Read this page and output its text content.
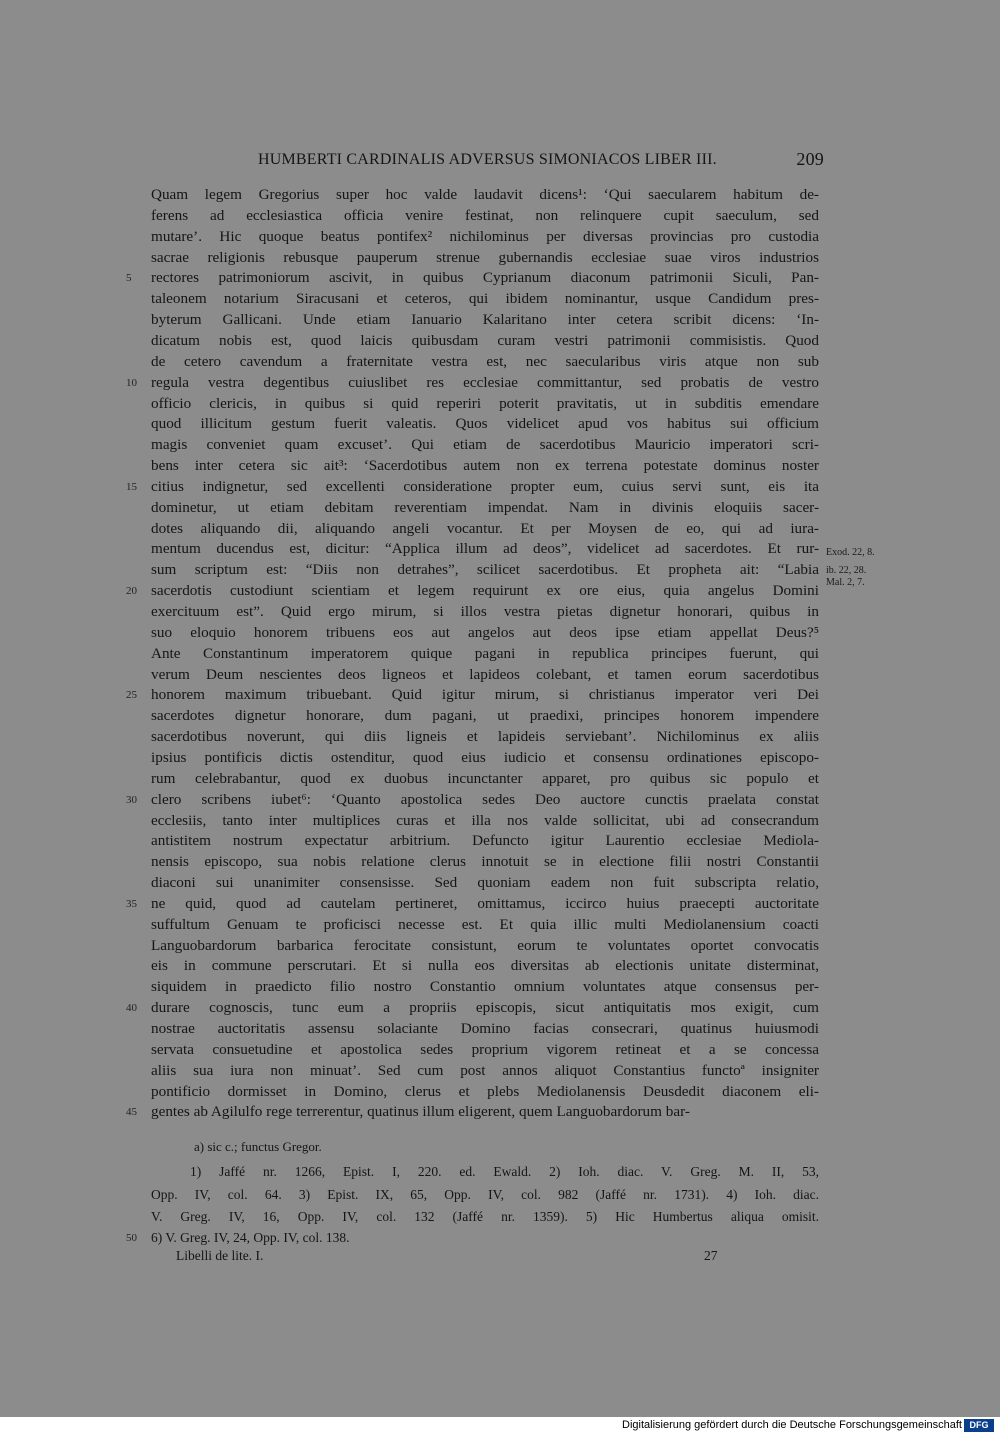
HUMBERTI CARDINALIS ADVERSUS SIMONIACOS LIBER III.	209
Quam legem Gregorius super hoc valde laudavit dicens¹: ‘Qui saecularem habitum de-
ferens ad ecclesiastica officia venire festinat, non relinquere cupit saeculum, sed
mutare’. Hic quoque beatus pontifex² nichilominus per diversas provincias pro custodia
sacrae religionis rebusque pauperum strenue gubernandis ecclesiae suae viros industrios
rectores patrimoniorum ascivit, in quibus Cyprianum diaconum patrimonii Siculi, Pan-
taleonem notarium Siracusani et ceteros, qui ibidem nominantur, usque Candidum pres-
byterum Gallicani. Unde etiam Ianuario Kalaritano inter cetera scribit dicens: ‘In-
dicatum nobis est, quod laicis quibusdam curam vestri patrimonii commisistis. Quod
de cetero cavendum a fraternitate vestra est, nec saecularibus viris atque non sub
regula vestra degentibus cuiuslibet res ecclesiae committantur, sed probatis de vestro
officio clericis, in quibus si quid reperiri poterit pravitatis, ut in subditis emendare
quod illicitum gestum fuerit valeatis. Quos videlicet apud vos habitus sui officium
magis conveniet quam excuset’. Qui etiam de sacerdotibus Mauricio imperatori scri-
bens inter cetera sic ait³: ‘Sacerdotibus autem non ex terrena potestate dominus noster
citius indignetur, sed excellenti consideratione propter eum, cuius servi sunt, eis ita
dominetur, ut etiam debitam reverentiam impendat. Nam in divinis eloquiis sacer-
dotes aliquando dii, aliquando angeli vocantur. Et per Moysen de eo, qui ad iura-
mentum ducendus est, dicitur: “Applica illum ad deos”, videlicet ad sacerdotes. Et rur-
sum scriptum est: “Diis non detrahes”, scilicet sacerdotibus. Et propheta ait: “Labia
sacerdotis custodiunt scientiam et legem requirunt ex ore eius, quia angelus Domini
exercituum est”. Quid ergo mirum, si illos vestra pietas dignetur honorari, quibus in
suo eloquio honorem tribuens eos aut angelos aut deos ipse etiam appellat Deus?⁵
Ante Constantinum imperatorem quique pagani in republica principes fuerunt, qui
verum Deum nescientes deos ligneos et lapideos colebant, et tamen eorum sacerdotibus
honorem maximum tribuebant. Quid igitur mirum, si christianus imperator veri Dei
sacerdotes dignetur honorare, dum pagani, ut praedixi, principes honorem impendere
sacerdotibus noverunt, qui diis ligneis et lapideis serviebant’. Nichilominus ex aliis
ipsius pontificis dictis ostenditur, quod eius iudicio et consensu ordinationes episcopo-
rum celebrabantur, quod ex duobus incunctanter apparet, pro quibus sic populo et
clero scribens iubet⁶: ‘Quanto apostolica sedes Deo auctore cunctis praelata constat
ecclesiis, tanto inter multiplices curas et illa nos valde sollicitat, ubi ad consecrandum
antistitem nostrum expectatur arbitrium. Defuncto igitur Laurentio ecclesiae Mediola-
nensis episcopo, sua nobis relatione clerus innotuit se in electione filii nostri Constantii
diaconi sui unanimiter consensisse. Sed quoniam eadem non fuit subscripta relatio,
ne quid, quod ad cautelam pertineret, omittamus, iccirco huius praecepti auctoritate
suffultum Genuam te proficisci necesse est. Et quia illic multi Mediolanensium coacti
Languobardorum barbarica ferocitate consistunt, eorum te voluntates oportet convocatis
eis in commune perscrutari. Et si nulla eos diversitas ab electionis unitate disterminat,
siquidem in praedicto filio nostro Constantio omnium voluntates atque consensus per-
durare cognoscis, tunc eum a propriis episcopis, sicut antiquitatis mos exigit, cum
nostrae auctoritatis assensu solaciante Domino facias consecrari, quatinus huiusmodi
servata consuetudine et apostolica sedes proprium vigorem retineat et a se concessa
aliis sua iura non minuat’. Sed cum post annos aliquot Constantius functoª insigniter
pontificio dormisset in Domino, clerus et plebs Mediolanensis Deusdedit diaconem eli-
gentes ab Agilulfo rege terrerentur, quatinus illum eligerent, quem Languobardorum bar-
5
10
15
20
25
30
35
40
45
Exod. 22, 8.
ib. 22, 28.
Mal. 2, 7.
a) sic c.; functus Gregor.
1) Jaffé nr. 1266, Epist. I, 220. ed. Ewald. 2) Ioh. diac. V. Greg. M. II, 53,
Opp. IV, col. 64. 3) Epist. IX, 65, Opp. IV, col. 982 (Jaffé nr. 1731). 4) Ioh. diac.
V. Greg. IV, 16, Opp. IV, col. 132 (Jaffé nr. 1359). 5) Hic Humbertus aliqua omisit.
6) V. Greg. IV, 24, Opp. IV, col. 138.
50
Libelli de lite. I.	27
Digitalisierung gefördert durch die Deutsche Forschungsgemeinschaft DFG
